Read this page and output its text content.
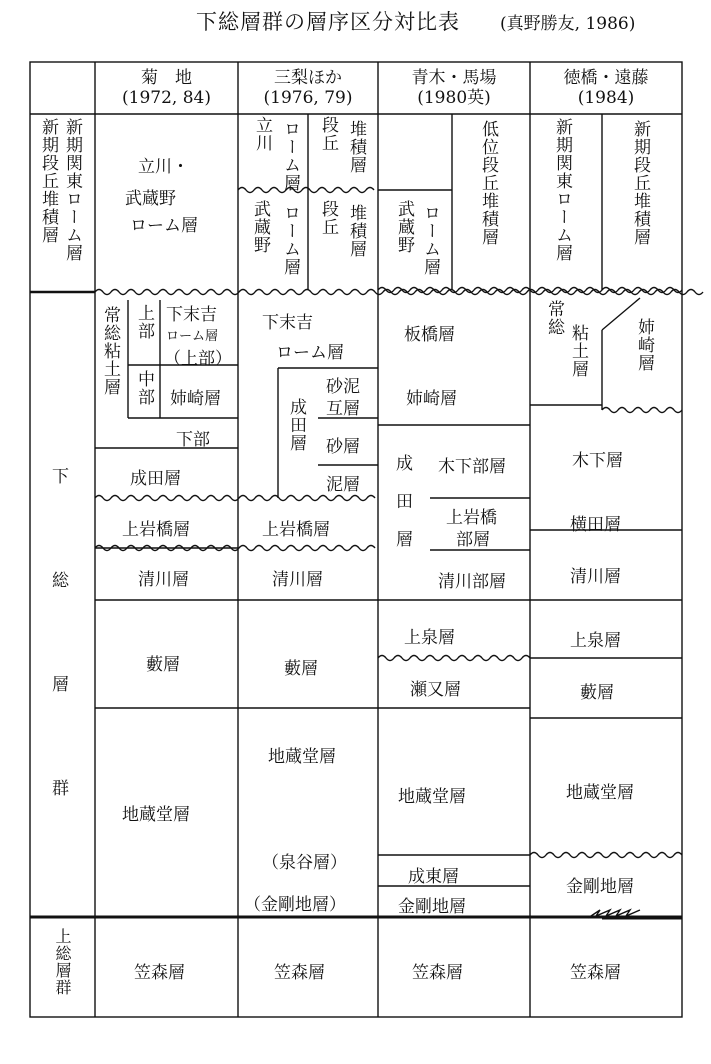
下総層群の層序区分対比表 (真野勝友, 1986)
菊　地
(1972, 84)
三梨ほか
(1976, 79)
青木・馬場
(1980英)
徳橋・遠藤
(1984)
新期関東ローム層
新期段丘堆積層
下総層群
上総層群
立川・
武蔵野
ローム層
常総粘土層 上部
中部
下末吉
ローム層
（上部）
姉崎層
下部
成田層
上岩橋層
清川層
藪層
地蔵堂層
笠森層
立川 ローム層 段丘 堆積層
武蔵野 ローム層 段丘 堆積層
下末吉
ローム層
成田層
砂泥
互層
砂層
泥層
上岩橋層
清川層
藪層
地蔵堂層
（泉谷層）
（金剛地層）
笠森層
武蔵野 ローム層 低位段丘堆積層
板橋層
姉崎層
成田層
木下部層
上岩橋
部層
清川部層
上泉層
瀬又層
地蔵堂層
成東層
金剛地層
笠森層
新期関東ローム層	新期段丘堆積層
常総
粘土層	姉崎層
木下層
横田層
清川層
上泉層
藪層
地蔵堂層
金剛地層
笠森層
